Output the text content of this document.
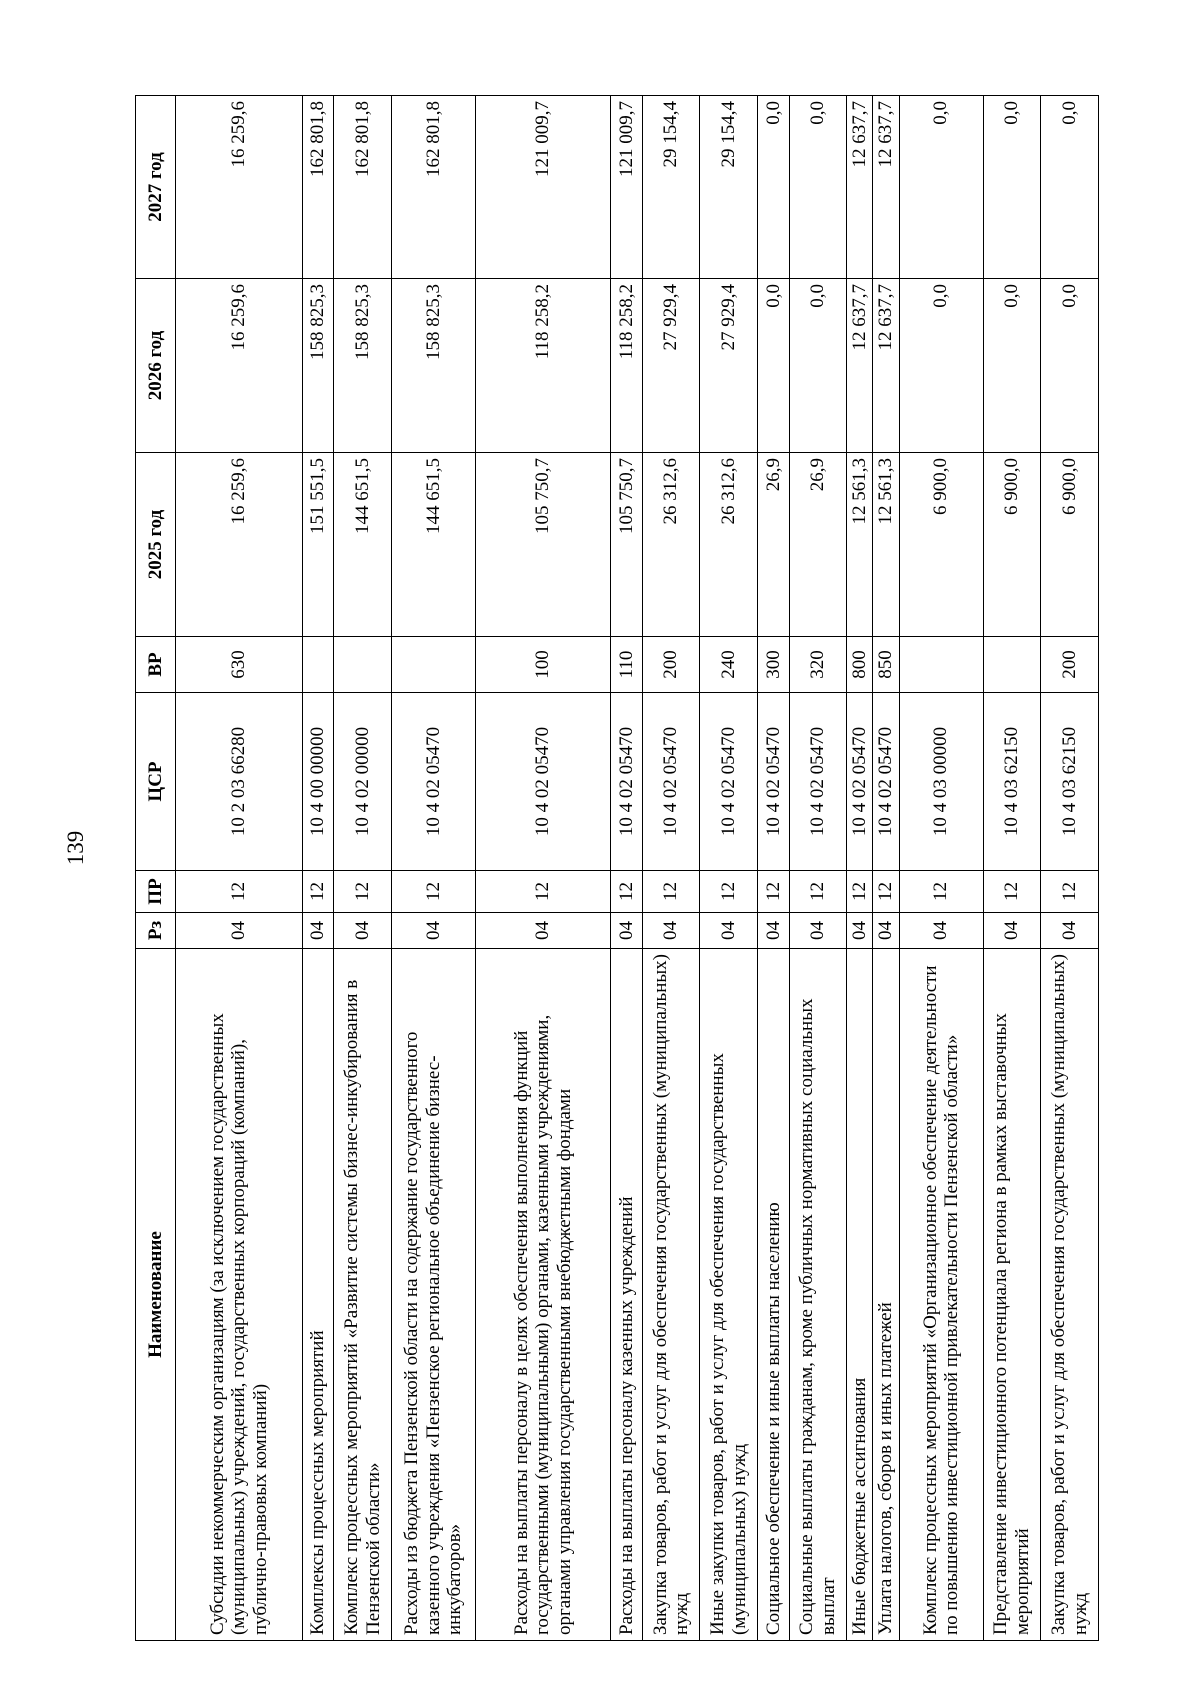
139
Наименование	Рз	ПР	ЦСР	ВР	2025 год	2026 год	2027 год
Субсидии некоммерческим организациям (за исключением государственных (муниципальных) учреждений, государственных корпораций (компаний), публично-правовых компаний)	04	12	10 2 03 66280	630	16 259,6	16 259,6	16 259,6
Комплексы процессных мероприятий	04	12	10 4 00 00000		151 551,5	158 825,3	162 801,8
Комплекс процессных мероприятий «Развитие системы бизнес-инкубирования в Пензенской области»	04	12	10 4 02 00000		144 651,5	158 825,3	162 801,8
Расходы из бюджета Пензенской области на содержание государственного казенного учреждения «Пензенское региональное объединение бизнес-инкубаторов»	04	12	10 4 02 05470		144 651,5	158 825,3	162 801,8
Расходы на выплаты персоналу в целях обеспечения выполнения функций государственными (муниципальными) органами, казенными учреждениями, органами управления государственными внебюджетными фондами	04	12	10 4 02 05470	100	105 750,7	118 258,2	121 009,7
Расходы на выплаты персоналу казенных учреждений	04	12	10 4 02 05470	110	105 750,7	118 258,2	121 009,7
Закупка товаров, работ и услуг для обеспечения государственных (муниципальных) нужд	04	12	10 4 02 05470	200	26 312,6	27 929,4	29 154,4
Иные закупки товаров, работ и услуг для обеспечения государственных (муниципальных) нужд	04	12	10 4 02 05470	240	26 312,6	27 929,4	29 154,4
Социальное обеспечение и иные выплаты населению	04	12	10 4 02 05470	300	26,9	0,0	0,0
Социальные выплаты гражданам, кроме публичных нормативных социальных выплат	04	12	10 4 02 05470	320	26,9	0,0	0,0
Иные бюджетные ассигнования	04	12	10 4 02 05470	800	12 561,3	12 637,7	12 637,7
Уплата налогов, сборов и иных платежей	04	12	10 4 02 05470	850	12 561,3	12 637,7	12 637,7
Комплекс процессных мероприятий «Организационное обеспечение деятельности по повышению инвестиционной привлекательности Пензенской области»	04	12	10 4 03 00000		6 900,0	0,0	0,0
Представление инвестиционного потенциала региона в рамках выставочных мероприятий	04	12	10 4 03 62150		6 900,0	0,0	0,0
Закупка товаров, работ и услуг для обеспечения государственных (муниципальных) нужд	04	12	10 4 03 62150	200	6 900,0	0,0	0,0
